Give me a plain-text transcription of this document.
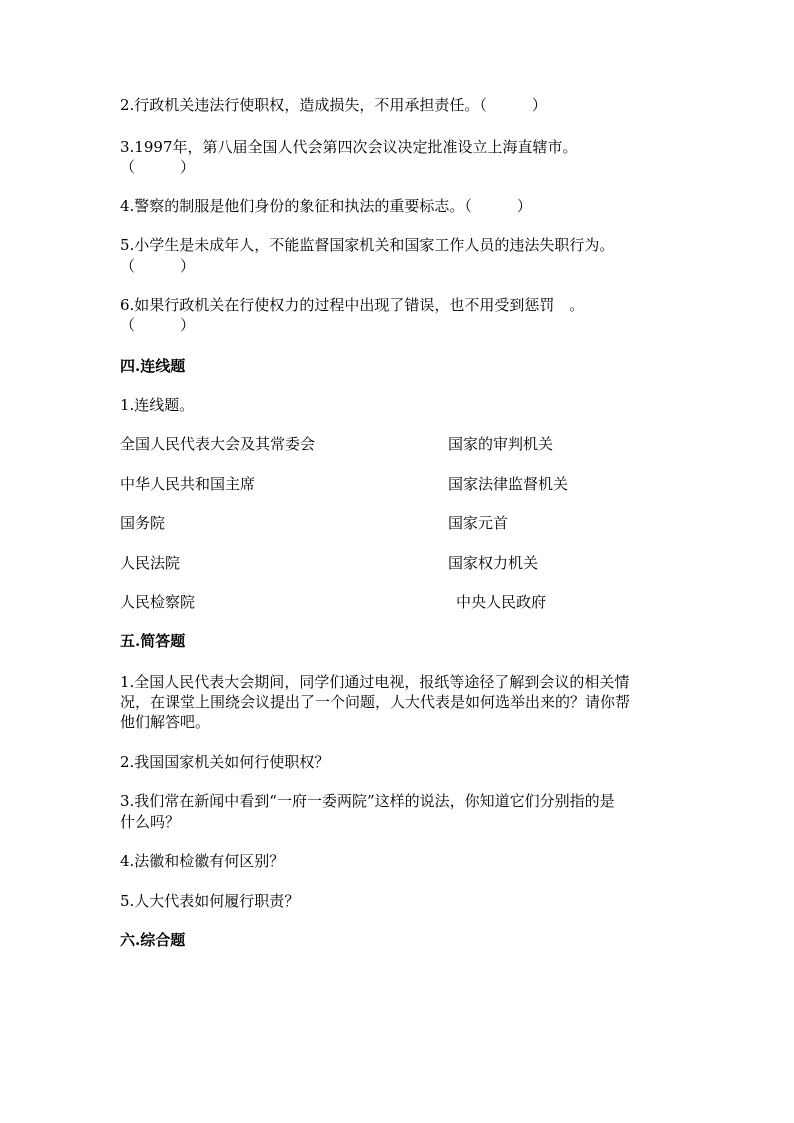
2.行政机关违法行使职权，造成损失，不用承担责任。（　　　）
3.1997年，第八届全国人代会第四次会议决定批准设立上海直辖市。
（　　　）
4.警察的制服是他们身份的象征和执法的重要标志。（　　　）
5.小学生是未成年人，不能监督国家机关和国家工作人员的违法失职行为。
（　　　）
6.如果行政机关在行使权力的过程中出现了错误，也不用受到惩罚　。
（　　　）
四.连线题
1.连线题。
全国人民代表大会及其常委会	国家的审判机关
中华人民共和国主席	国家法律监督机关
国务院	国家元首
人民法院	国家权力机关
人民检察院	中央人民政府
五.简答题
1.全国人民代表大会期间，同学们通过电视，报纸等途径了解到会议的相关情
况，在课堂上围绕会议提出了一个问题，人大代表是如何选举出来的？请你帮
他们解答吧。
2.我国国家机关如何行使职权？
3.我们常在新闻中看到“一府一委两院”这样的说法，你知道它们分别指的是
什么吗？
4.法徽和检徽有何区别？
5.人大代表如何履行职责？
六.综合题
